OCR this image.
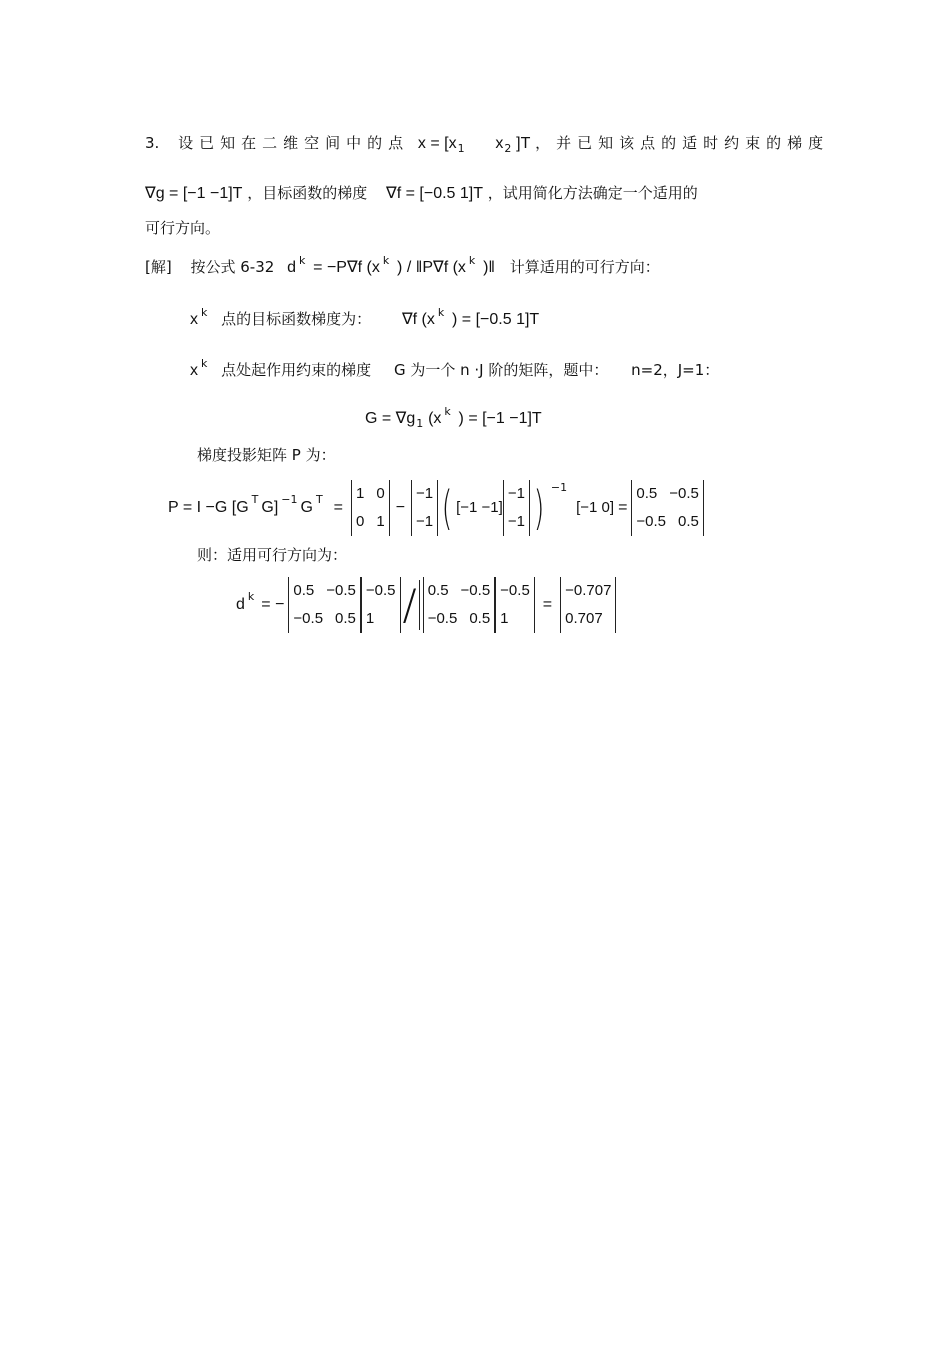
3. 设已知在二维空间中的点 $x = [x_1$ $x_2$ ]T ，并已知该点的适时约束的梯度
∇g = [−1 −1]T ，目标函数的梯度 ∇f = [−0.5 1]T ，试用简化方法确定一个适用的
可行方向。
[解] 按公式 6-32 d $^k$ = −P∇f (x $^k$ ) / ‖P∇f (x $^k$ )‖ 计算适用的可行方向：
x $^k$ 点的目标函数梯度为： ∇f (x $^k$ ) = [−0.5 1]T
x $^k$ 点处起作用约束的梯度 G 为一个 n ·J 阶的矩阵，题中： n=2，J=1：
$G = \nabla g_1$ (x $^k$ ) = [−1 −1]T
梯度投影矩阵 P 为：
P = I −G [G T G] −1 G T =
1 0
0 1
−
−1
−1 ( [−1 −1]
−1
−1 ) −1
[−1 0] =
0.5 −0.5
−0.5 0.5
则：适用可行方向为：
d k = −
0.5 −0.5
−0.5 0.5
−0.5
1 / 0.5 −0.5
−0.5 0.5
−0.5
1
=
−0.707
0.707
